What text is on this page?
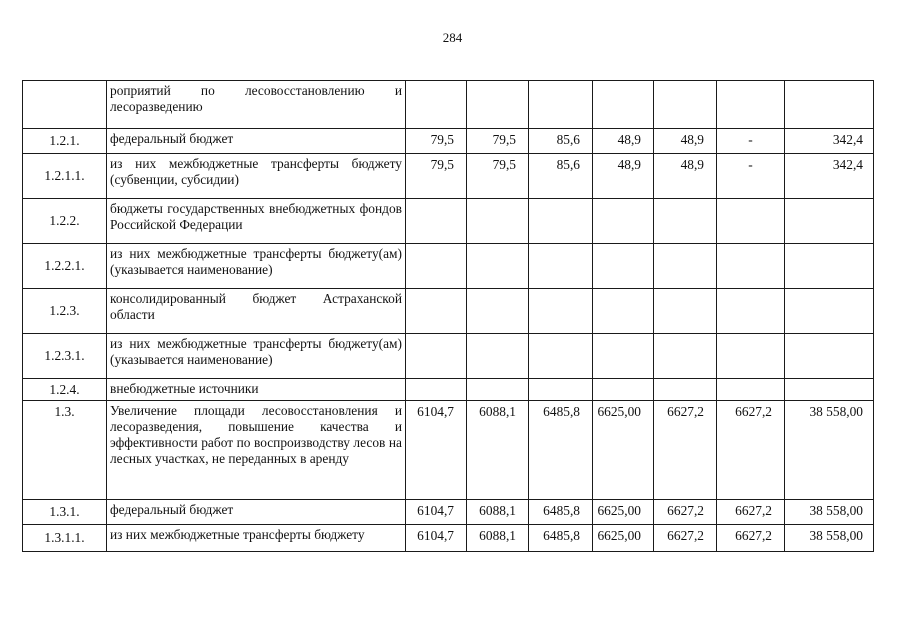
284
	роприятий по лесовосстановлению и лесоразведению							
1.2.1.	федеральный бюджет	79,5	79,5	85,6	48,9	48,9	-	342,4
1.2.1.1.	из них межбюджетные трансферты бюджету (субвенции, субсидии)	79,5	79,5	85,6	48,9	48,9	-	342,4
1.2.2.	бюджеты государственных внебюджетных фондов Российской Федерации							
1.2.2.1.	из них межбюджетные трансферты бюджету(ам) (указывается наименование)							
1.2.3.	консолидированный бюджет Астраханской области							
1.2.3.1.	из них межбюджетные трансферты бюджету(ам) (указывается наименование)							
1.2.4.	внебюджетные источники							
1.3.	Увеличение площади лесовосстановления и лесоразведения, повышение качества и эффективности работ по воспроизводству лесов на лесных участках, не переданных в аренду	6104,7	6088,1	6485,8	6625,00	6627,2	6627,2	38 558,00
1.3.1.	федеральный бюджет	6104,7	6088,1	6485,8	6625,00	6627,2	6627,2	38 558,00
1.3.1.1.	из них межбюджетные трансферты бюджету	6104,7	6088,1	6485,8	6625,00	6627,2	6627,2	38 558,00
